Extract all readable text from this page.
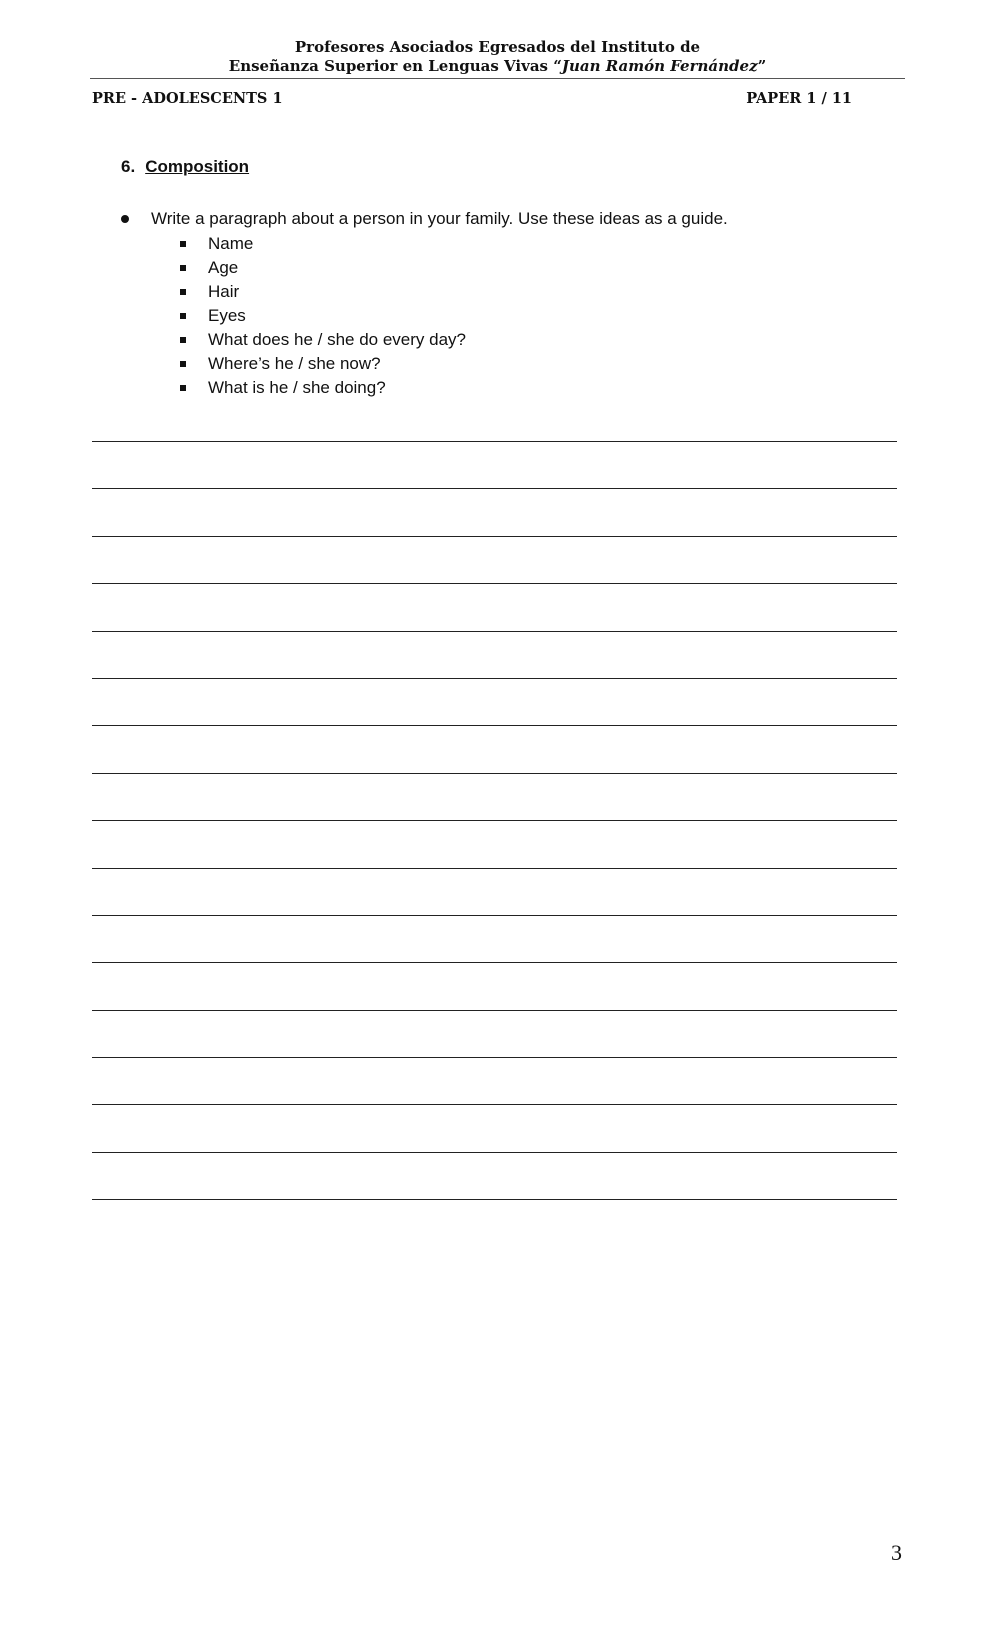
Profesores Asociados Egresados del Instituto de
Enseñanza Superior en Lenguas Vivas “Juan Ramón Fernández”
PRE - ADOLESCENTS 1	PAPER 1 / 11
6. Composition
Write a paragraph about a person in your family. Use these ideas as a guide.
Name
Age
Hair
Eyes
What does he / she do every day?
Where’s he / she now?
What is he / she doing?
3
